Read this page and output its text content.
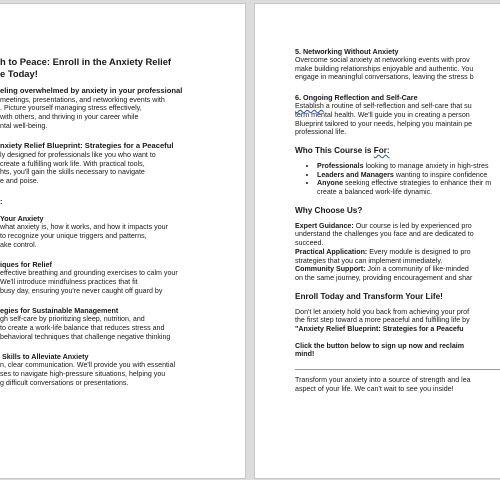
h to Peace: Enroll in the Anxiety Relief
e Today!
eling overwhelmed by anxiety in your professional

meetings, presentations, and networking events with
. Picture yourself managing stress effectively,
with others, and thriving in your career while
ntal well-being.

nxiety Relief Blueprint: Strategies for a Peaceful

ly designed for professionals like you who want to
create a fulfilling work life. With practical tools,
hts, you'll gain the skills necessary to navigate
e and poise.

:
Your Anxiety

what anxiety is, how it works, and how it impacts your
to recognize your unique triggers and patterns,
ake control.

iques for Relief

effective breathing and grounding exercises to calm your
We'll introduce mindfulness practices that fit
busy day, ensuring you're never caught off guard by

egies for Sustainable Management

gh self-care by prioritizing sleep, nutrition, and
to create a work-life balance that reduces stress and
behavioral techniques that challenge negative thinking

Skills to Alleviate Anxiety

n, clear communication. We'll provide you with essential
ses to navigate high-pressure situations, helping you
g difficult conversations or presentations.

5. Networking Without Anxiety

Overcome social anxiety at networking events with prov
make building relationships enjoyable and authentic. You
engage in meaningful conversations, leaving the stress b

6. Ongoing Reflection and Self-Care

Establish a routine of self-reflection and self-care that su
term mental health. We'll guide you in creating a person
Blueprint tailored to your needs, helping you maintain pe
professional life.

Who This Course is For:
• Professionals looking to manage anxiety in high-stres
• Leaders and Managers wanting to inspire confidence
• Anyone seeking effective strategies to enhance their m
create a balanced work-life dynamic.
Why Choose Us?

Expert Guidance: Our course is led by experienced pro
understand the challenges you face and are dedicated to
succeed.

Practical Application: Every module is designed to pro
strategies that you can implement immediately.

Community Support: Join a community of like-minded
on the same journey, providing encouragement and shar

Enroll Today and Transform Your Life!

Don't let anxiety hold you back from achieving your prof
the first step toward a more peaceful and fulfilling life by

"Anxiety Relief Blueprint: Strategies for a Peacefu

Click the button below to sign up now and reclaim
mind!

Transform your anxiety into a source of strength and lea
aspect of your life. We can't wait to see you inside!
